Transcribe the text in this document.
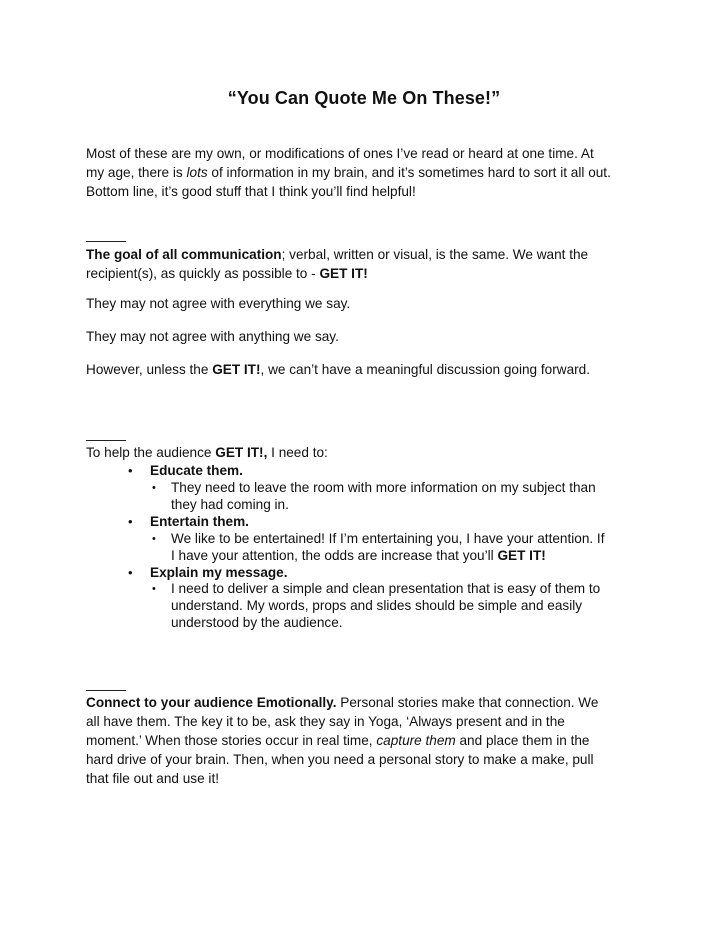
“You Can Quote Me On These!”
Most of these are my own, or modifications of ones I’ve read or heard at one time. At
my age, there is lots of information in my brain, and it’s sometimes hard to sort it all out.
Bottom line, it’s good stuff that I think you’ll find helpful!
The goal of all communication; verbal, written or visual, is the same. We want the
recipient(s), as quickly as possible to - GET IT!
They may not agree with everything we say.
They may not agree with anything we say.
However, unless the GET IT!, we can’t have a meaningful discussion going forward.
To help the audience GET IT!, I need to:
• Educate them.
• They need to leave the room with more information on my subject than
they had coming in.
• Entertain them.
• We like to be entertained! If I’m entertaining you, I have your attention. If
I have your attention, the odds are increase that you’ll GET IT!
• Explain my message.
• I need to deliver a simple and clean presentation that is easy of them to
understand. My words, props and slides should be simple and easily
understood by the audience.
Connect to your audience Emotionally. Personal stories make that connection. We
all have them. The key it to be, ask they say in Yoga, ‘Always present and in the
moment.’ When those stories occur in real time, capture them and place them in the
hard drive of your brain. Then, when you need a personal story to make a make, pull
that file out and use it!
